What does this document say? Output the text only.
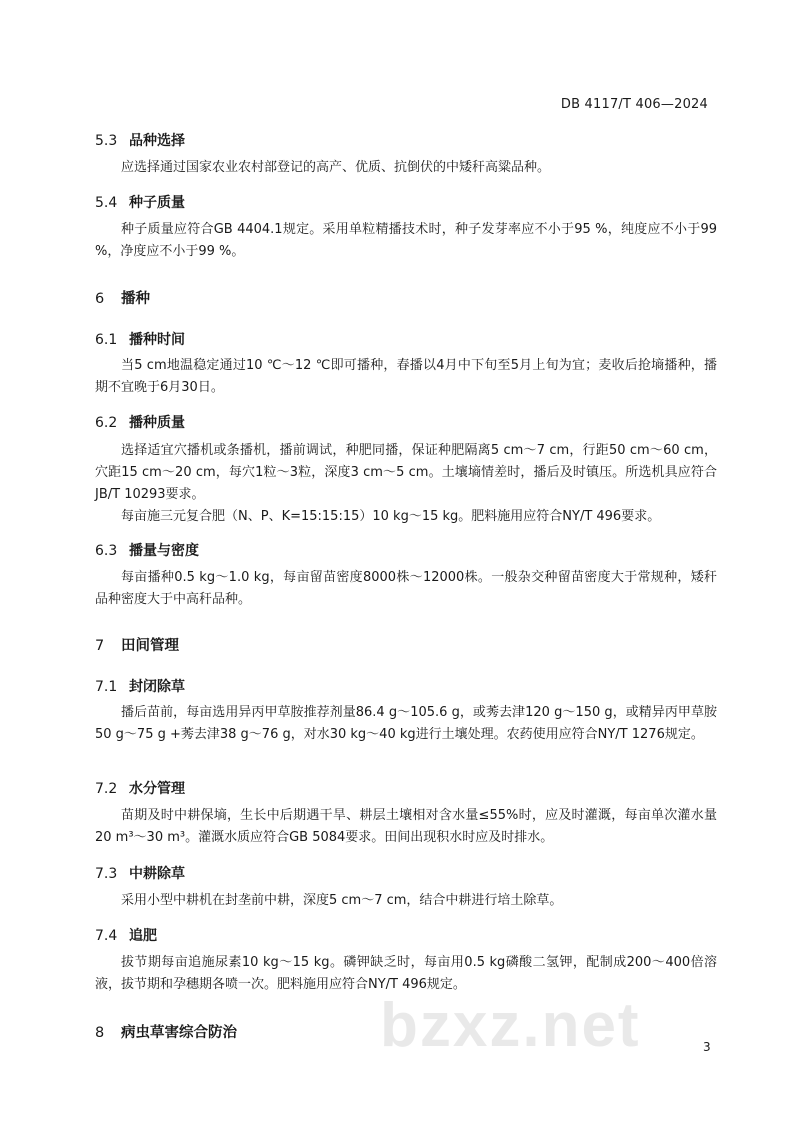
DB 4117/T 406—2024
5.3 品种选择

应选择通过国家农业农村部登记的高产、优质、抗倒伏的中矮秆高粱品种。

5.4 种子质量

种子质量应符合GB 4404.1规定。采用单粒精播技术时，种子发芽率应不小于95 %，纯度应不小于99 %，净度应不小于99 %。

6 播种
6.1 播种时间

当5 cm地温稳定通过10 ℃～12 ℃即可播种，春播以4月中下旬至5月上旬为宜；麦收后抢墒播种，播期不宜晚于6月30日。

6.2 播种质量

选择适宜穴播机或条播机，播前调试，种肥同播，保证种肥隔离5 cm～7 cm，行距50 cm～60 cm，穴距15 cm～20 cm，每穴1粒～3粒，深度3 cm～5 cm。土壤墒情差时，播后及时镇压。所选机具应符合JB/T 10293要求。

每亩施三元复合肥（N、P、K=15:15:15）10 kg～15 kg。肥料施用应符合NY/T 496要求。

6.3 播量与密度

每亩播种0.5 kg～1.0 kg，每亩留苗密度8000株～12000株。一般杂交种留苗密度大于常规种，矮秆品种密度大于中高秆品种。

7 田间管理
7.1 封闭除草

播后苗前，每亩选用异丙甲草胺推荐剂量86.4 g～105.6 g，或莠去津120 g～150 g，或精异丙甲草胺50 g～75 g +莠去津38 g～76 g，对水30 kg～40 kg进行土壤处理。农药使用应符合NY/T 1276规定。

7.2 水分管理

苗期及时中耕保墒，生长中后期遇干旱、耕层土壤相对含水量≤55%时，应及时灌溉，每亩单次灌水量20 m³～30 m³。灌溉水质应符合GB 5084要求。田间出现积水时应及时排水。

7.3 中耕除草

采用小型中耕机在封垄前中耕，深度5 cm～7 cm，结合中耕进行培土除草。

7.4 追肥

拔节期每亩追施尿素10 kg～15 kg。磷钾缺乏时，每亩用0.5 kg磷酸二氢钾，配制成200～400倍溶液，拔节期和孕穗期各喷一次。肥料施用应符合NY/T 496规定。

bzxz.net
8 病虫草害综合防治
3
